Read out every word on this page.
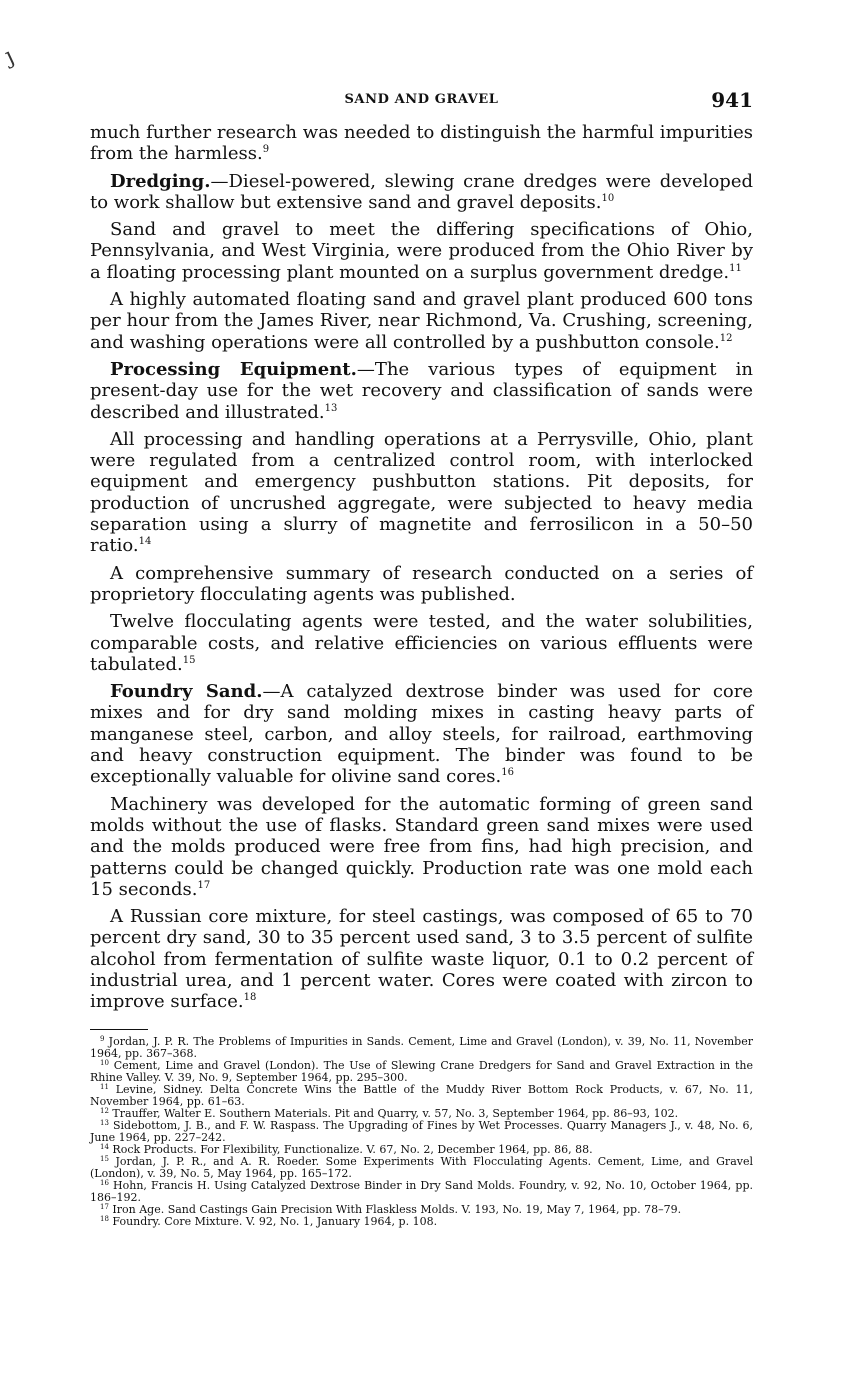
ȷ
SAND AND GRAVEL	941

much further research was needed to distinguish the harmful impurities from the harmless.$^9$

Dredging.—Diesel-powered, slewing crane dredges were developed to work shallow but extensive sand and gravel deposits.$^{10}$

Sand and gravel to meet the differing specifications of Ohio, Pennsylvania, and West Virginia, were produced from the Ohio River by a floating processing plant mounted on a surplus government dredge.$^{11}$

A highly automated floating sand and gravel plant produced 600 tons per hour from the James River, near Richmond, Va. Crushing, screening, and washing operations were all controlled by a pushbutton console.$^{12}$

Processing Equipment.—The various types of equipment in present-day use for the wet recovery and classification of sands were described and illustrated.$^{13}$

All processing and handling operations at a Perrysville, Ohio, plant were regulated from a centralized control room, with interlocked equipment and emergency pushbutton stations. Pit deposits, for production of uncrushed aggregate, were subjected to heavy media separation using a slurry of magnetite and ferrosilicon in a 50–50 ratio.$^{14}$

A comprehensive summary of research conducted on a series of proprietory flocculating agents was published.

Twelve flocculating agents were tested, and the water solubilities, comparable costs, and relative efficiencies on various effluents were tabulated.$^{15}$

Foundry Sand.—A catalyzed dextrose binder was used for core mixes and for dry sand molding mixes in casting heavy parts of manganese steel, carbon, and alloy steels, for railroad, earthmoving and heavy construction equipment. The binder was found to be exceptionally valuable for olivine sand cores.$^{16}$

Machinery was developed for the automatic forming of green sand molds without the use of flasks. Standard green sand mixes were used and the molds produced were free from fins, had high precision, and patterns could be changed quickly. Production rate was one mold each 15 seconds.$^{17}$

A Russian core mixture, for steel castings, was composed of 65 to 70 percent dry sand, 30 to 35 percent used sand, 3 to 3.5 percent of sulfite alcohol from fermentation of sulfite waste liquor, 0.1 to 0.2 percent of industrial urea, and 1 percent water. Cores were coated with zircon to improve surface.$^{18}$

$^9$ Jordan, J. P. R. The Problems of Impurities in Sands. Cement, Lime and Gravel (London), v. 39, No. 11, November 1964, pp. 367–368.

$^{10}$ Cement, Lime and Gravel (London). The Use of Slewing Crane Dredgers for Sand and Gravel Extraction in the Rhine Valley. V. 39, No. 9, September 1964, pp. 295–300.

$^{11}$ Levine, Sidney. Delta Concrete Wins the Battle of the Muddy River Bottom Rock Products, v. 67, No. 11, November 1964, pp. 61–63.

$^{12}$ Trauffer, Walter E. Southern Materials. Pit and Quarry, v. 57, No. 3, September 1964, pp. 86–93, 102.

$^{13}$ Sidebottom, J. B., and F. W. Raspass. The Upgrading of Fines by Wet Processes. Quarry Managers J., v. 48, No. 6, June 1964, pp. 227–242.

$^{14}$ Rock Products. For Flexibility, Functionalize. V. 67, No. 2, December 1964, pp. 86, 88.

$^{15}$ Jordan, J. P. R., and A. R. Roeder. Some Experiments With Flocculating Agents. Cement, Lime, and Gravel (London), v. 39, No. 5, May 1964, pp. 165–172.

$^{16}$ Hohn, Francis H. Using Catalyzed Dextrose Binder in Dry Sand Molds. Foundry, v. 92, No. 10, October 1964, pp. 186–192.

$^{17}$ Iron Age. Sand Castings Gain Precision With Flaskless Molds. V. 193, No. 19, May 7, 1964, pp. 78–79.

$^{18}$ Foundry. Core Mixture. V. 92, No. 1, January 1964, p. 108.
